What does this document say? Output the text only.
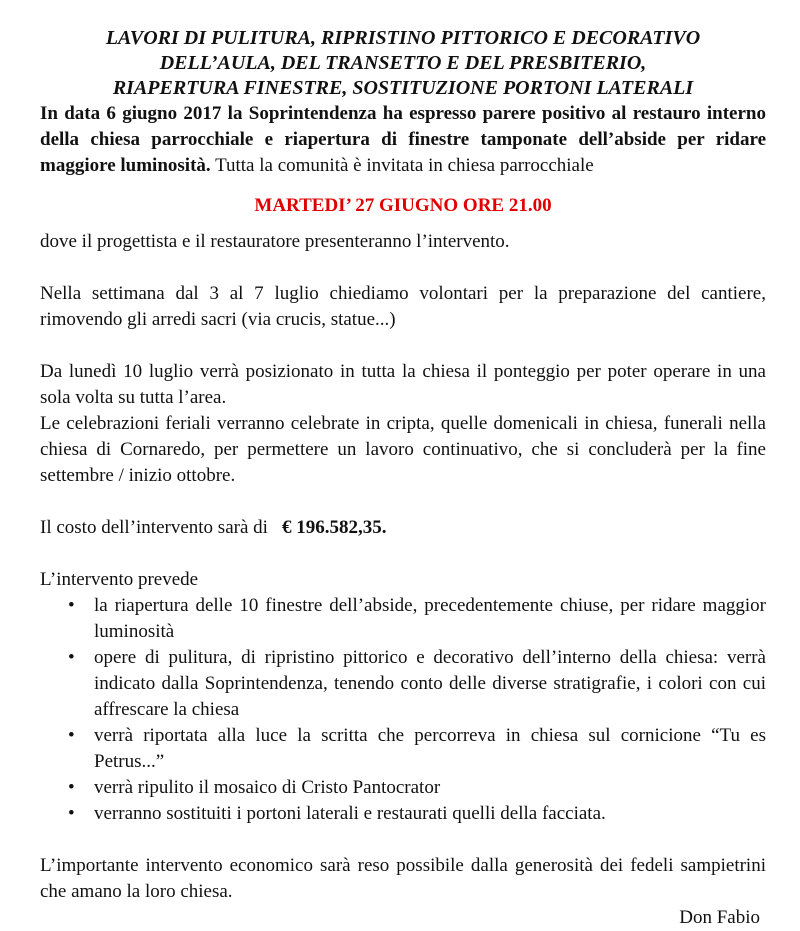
LAVORI DI PULITURA, RIPRISTINO PITTORICO E DECORATIVO

DELL’AULA, DEL TRANSETTO E DEL PRESBITERIO,

RIAPERTURA FINESTRE, SOSTITUZIONE PORTONI LATERALI

In data 6 giugno 2017 la Soprintendenza ha espresso parere positivo al restauro interno della chiesa parrocchiale e riapertura di finestre tamponate dell’abside per ridare maggiore luminosità. Tutta la comunità è invitata in chiesa parrocchiale

MARTEDI’ 27 GIUGNO ORE 21.00

dove il progettista e il restauratore presenteranno l’intervento.

Nella settimana dal 3 al 7 luglio chiediamo volontari per la preparazione del cantiere, rimovendo gli arredi sacri (via crucis, statue...)

Da lunedì 10 luglio verrà posizionato in tutta la chiesa il ponteggio per poter operare in una sola volta su tutta l’area.

Le celebrazioni feriali verranno celebrate in cripta, quelle domenicali in chiesa, funerali nella chiesa di Cornaredo, per permettere un lavoro continuativo, che si concluderà per la fine settembre / inizio ottobre.

Il costo dell’intervento sarà di € 196.582,35.

L’intervento prevede

• la riapertura delle 10 finestre dell’abside, precedentemente chiuse, per ridare maggior luminosità
• opere di pulitura, di ripristino pittorico e decorativo dell’interno della chiesa: verrà indicato dalla Soprintendenza, tenendo conto delle diverse stratigrafie, i colori con cui affrescare la chiesa
• verrà riportata alla luce la scritta che percorreva in chiesa sul cornicione “Tu es Petrus...”
• verrà ripulito il mosaico di Cristo Pantocrator
• verranno sostituiti i portoni laterali e restaurati quelli della facciata.

L’importante intervento economico sarà reso possibile dalla generosità dei fedeli sampietrini che amano la loro chiesa.

Don Fabio
